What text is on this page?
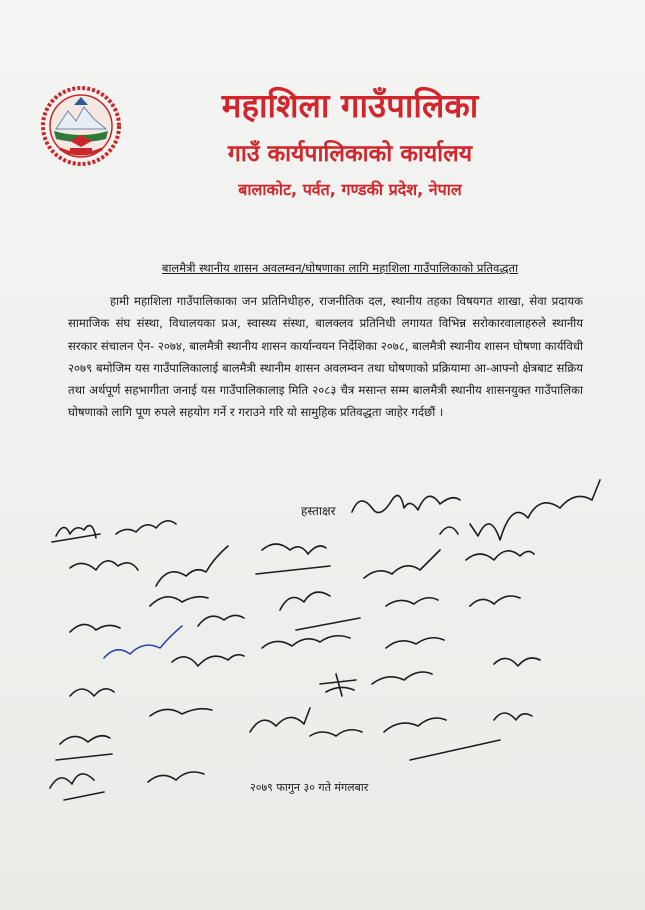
महाशिला गाउँपालिका
गाउँ कार्यपालिकाको कार्यालय
बालाकोट, पर्वत, गण्डकी प्रदेश, नेपाल
बालमैत्री स्थानीय शासन अवलम्वन/घोषणाका लागि महाशिला गाउँपालिकाको प्रतिवद्धता

हामी महाशिला गाउँपालिकाका जन प्रतिनिधीहरु, राजनीतिक दल, स्थानीय तहका विषयगत शाखा, सेवा प्रदायक सामाजिक संघ संस्था, विधालयका प्रअ, स्वास्थ्य संस्था, बालक्लव प्रतिनिधी लगायत विभिन्न सरोकारवालाहरुले स्थानीय सरकार संचालन ऐन- २०७४, बालमैत्री स्थानीय शासन कार्यान्वयन निर्देशिका २०७८, बालमैत्री स्थानीय शासन घोषणा कार्यविधी २०७९ बमोजिम यस गाउँपालिकालाई बालमैत्री स्थानीम शासन अवलम्वन तथा घोषणाको प्रक्रियामा आ-आफ्नो क्षेत्रबाट सक्रिय तथा अर्थपूर्ण सहभागीता जनाई यस गाउँपालिकालाइ मिति २०८३ चैत्र मसान्त सम्म बालमैत्री स्थानीय शासनयुक्त गाउँपालिका घोषणाको लागि पूण रुपले सहयोग गर्ने र गराउने गरि यो सामुहिक प्रतिवद्धता जाहेर गर्दछौं ।

हस्ताक्षर
२०७९ फागुन ३० गते मंगलबार
